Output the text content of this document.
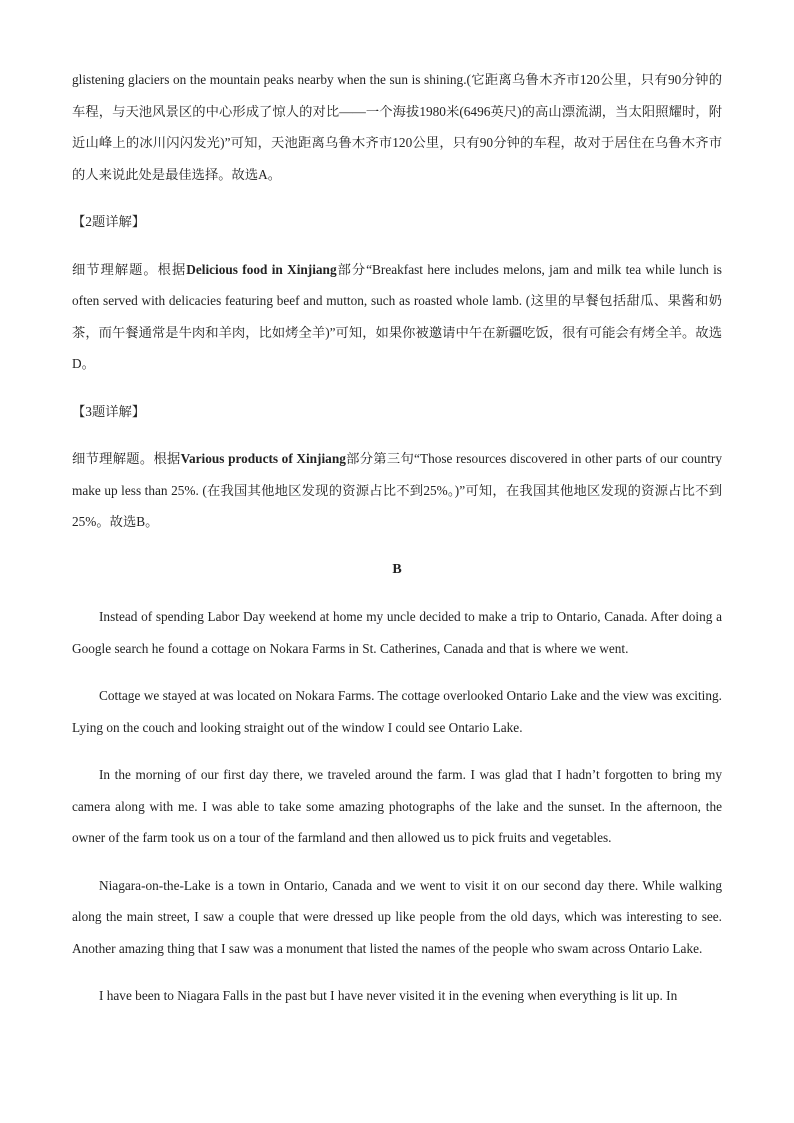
glistening glaciers on the mountain peaks nearby when the sun is shining.(它距离乌鲁木齐市120公里，只有90分钟的车程，与天池风景区的中心形成了惊人的对比——一个海拔1980米(6496英尺)的高山漂流湖，当太阳照耀时，附近山峰上的冰川闪闪发光)”可知，天池距离乌鲁木齐市120公里，只有90分钟的车程，故对于居住在乌鲁木齐市的人来说此处是最佳选择。故选A。

【2题详解】

细节理解题。根据Delicious food in Xinjiang部分“Breakfast here includes melons, jam and milk tea while lunch is often served with delicacies featuring beef and mutton, such as roasted whole lamb. (这里的早餐包括甜瓜、果酱和奶茶，而午餐通常是牛肉和羊肉，比如烤全羊)”可知，如果你被邀请中午在新疆吃饭，很有可能会有烤全羊。故选D。

【3题详解】

细节理解题。根据Various products of Xinjiang部分第三句“Those resources discovered in other parts of our country make up less than 25%. (在我国其他地区发现的资源占比不到25%。)”可知，在我国其他地区发现的资源占比不到25%。故选B。

B

Instead of spending Labor Day weekend at home my uncle decided to make a trip to Ontario, Canada. After doing a Google search he found a cottage on Nokara Farms in St. Catherines, Canada and that is where we went.

Cottage we stayed at was located on Nokara Farms. The cottage overlooked Ontario Lake and the view was exciting. Lying on the couch and looking straight out of the window I could see Ontario Lake.

In the morning of our first day there, we traveled around the farm. I was glad that I hadn’t forgotten to bring my camera along with me. I was able to take some amazing photographs of the lake and the sunset. In the afternoon, the owner of the farm took us on a tour of the farmland and then allowed us to pick fruits and vegetables.

Niagara-on-the-Lake is a town in Ontario, Canada and we went to visit it on our second day there. While walking along the main street, I saw a couple that were dressed up like people from the old days, which was interesting to see. Another amazing thing that I saw was a monument that listed the names of the people who swam across Ontario Lake.

I have been to Niagara Falls in the past but I have never visited it in the evening when everything is lit up. In
